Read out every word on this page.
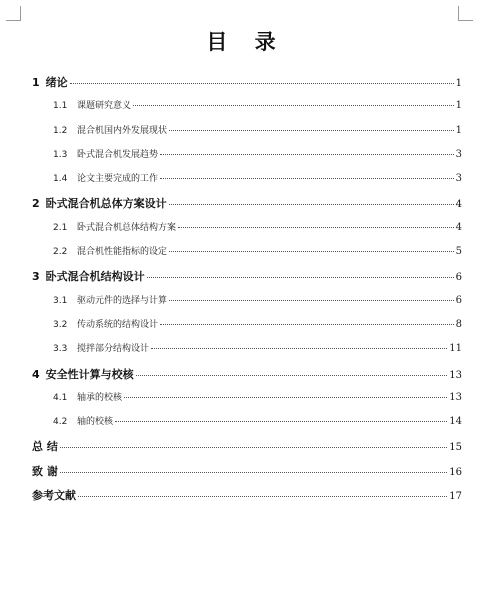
目 录
1 绪论	1
1.1	课题研究意义	1
1.2	混合机国内外发展现状	1
1.3	卧式混合机发展趋势	3
1.4	论文主要完成的工作	3
2 卧式混合机总体方案设计	4
2.1	卧式混合机总体结构方案	4
2.2	混合机性能指标的设定	5
3 卧式混合机结构设计	6
3.1	驱动元件的选择与计算	6
3.2	传动系统的结构设计	8
3.3	搅拌部分结构设计	11
4 安全性计算与校核	13
4.1	轴承的校核	13
4.2	轴的校核	14
总 结	15
致 谢	16
参考文献	17
